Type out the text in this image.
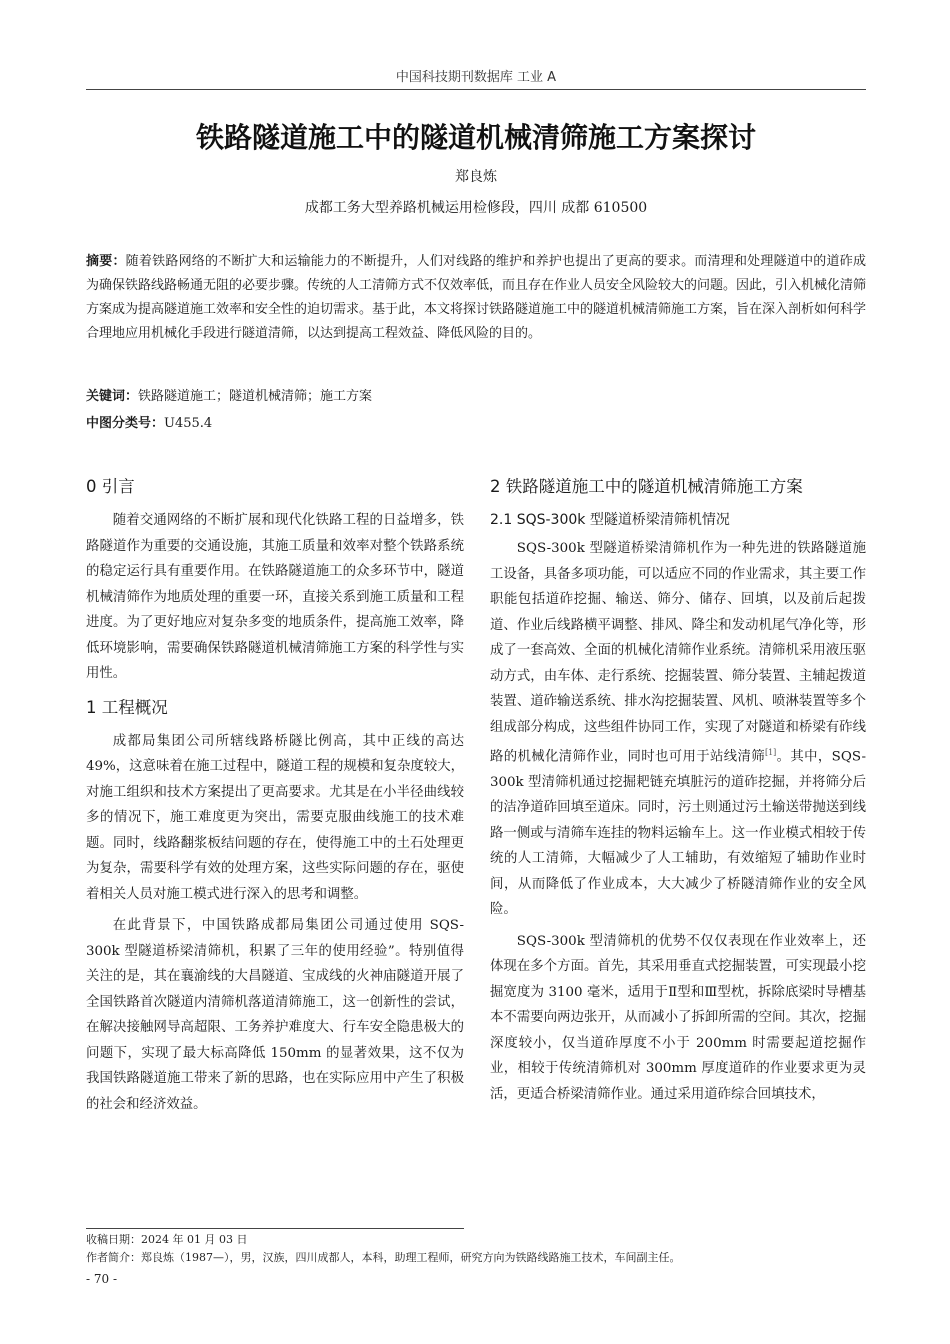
中国科技期刊数据库 工业 A
铁路隧道施工中的隧道机械清筛施工方案探讨
郑良炼
成都工务大型养路机械运用检修段，四川 成都 610500
摘要：随着铁路网络的不断扩大和运输能力的不断提升，人们对线路的维护和养护也提出了更高的要求。而清理和处理隧道中的道砟成为确保铁路线路畅通无阻的必要步骤。传统的人工清筛方式不仅效率低，而且存在作业人员安全风险较大的问题。因此，引入机械化清筛方案成为提高隧道施工效率和安全性的迫切需求。基于此，本文将探讨铁路隧道施工中的隧道机械清筛施工方案，旨在深入剖析如何科学合理地应用机械化手段进行隧道清筛，以达到提高工程效益、降低风险的目的。
关键词：铁路隧道施工；隧道机械清筛；施工方案
中图分类号：U455.4
0 引言

随着交通网络的不断扩展和现代化铁路工程的日益增多，铁路隧道作为重要的交通设施，其施工质量和效率对整个铁路系统的稳定运行具有重要作用。在铁路隧道施工的众多环节中，隧道机械清筛作为地质处理的重要一环，直接关系到施工质量和工程进度。为了更好地应对复杂多变的地质条件，提高施工效率，降低环境影响，需要确保铁路隧道机械清筛施工方案的科学性与实用性。

1 工程概况

成都局集团公司所辖线路桥隧比例高，其中正线的高达 49%，这意味着在施工过程中，隧道工程的规模和复杂度较大，对施工组织和技术方案提出了更高要求。尤其是在小半径曲线较多的情况下，施工难度更为突出，需要克服曲线施工的技术难题。同时，线路翻浆板结问题的存在，使得施工中的土石处理更为复杂，需要科学有效的处理方案，这些实际问题的存在，驱使着相关人员对施工模式进行深入的思考和调整。

在此背景下，中国铁路成都局集团公司通过使用 SQS-300k 型隧道桥梁清筛机，积累了三年的使用经验”。特别值得关注的是，其在襄渝线的大昌隧道、宝成线的火神庙隧道开展了全国铁路首次隧道内清筛机落道清筛施工，这一创新性的尝试，在解决接触网导高超限、工务养护难度大、行车安全隐患极大的问题下，实现了最大标高降低 150mm 的显著效果，这不仅为我国铁路隧道施工带来了新的思路，也在实际应用中产生了积极的社会和经济效益。

2 铁路隧道施工中的隧道机械清筛施工方案
2.1 SQS-300k 型隧道桥梁清筛机情况

SQS-300k 型隧道桥梁清筛机作为一种先进的铁路隧道施工设备，具备多项功能，可以适应不同的作业需求，其主要工作职能包括道砟挖掘、输送、筛分、储存、回填，以及前后起拨道、作业后线路横平调整、排风、降尘和发动机尾气净化等，形成了一套高效、全面的机械化清筛作业系统。清筛机采用液压驱动方式，由车体、走行系统、挖掘装置、筛分装置、主辅起拨道装置、道砟输送系统、排水沟挖掘装置、风机、喷淋装置等多个组成部分构成，这些组件协同工作，实现了对隧道和桥梁有砟线路的机械化清筛作业，同时也可用于站线清筛[1]。其中，SQS-300k 型清筛机通过挖掘耙链充填脏污的道砟挖掘，并将筛分后的洁净道砟回填至道床。同时，污土则通过污土输送带抛送到线路一侧或与清筛车连挂的物料运输车上。这一作业模式相较于传统的人工清筛，大幅减少了人工辅助，有效缩短了辅助作业时间，从而降低了作业成本，大大减少了桥隧清筛作业的安全风险。

SQS-300k 型清筛机的优势不仅仅表现在作业效率上，还体现在多个方面。首先，其采用垂直式挖掘装置，可实现最小挖掘宽度为 3100 毫米，适用于Ⅱ型和Ⅲ型枕，拆除底梁时导槽基本不需要向两边张开，从而减小了拆卸所需的空间。其次，挖掘深度较小，仅当道砟厚度不小于 200mm 时需要起道挖掘作业，相较于传统清筛机对 300mm 厚度道砟的作业要求更为灵活，更适合桥梁清筛作业。通过采用道砟综合回填技术，

收稿日期：2024 年 01 月 03 日
作者简介：郑良炼（1987—），男，汉族，四川成都人，本科，助理工程师，研究方向为铁路线路施工技术，车间副主任。
- 70 -
